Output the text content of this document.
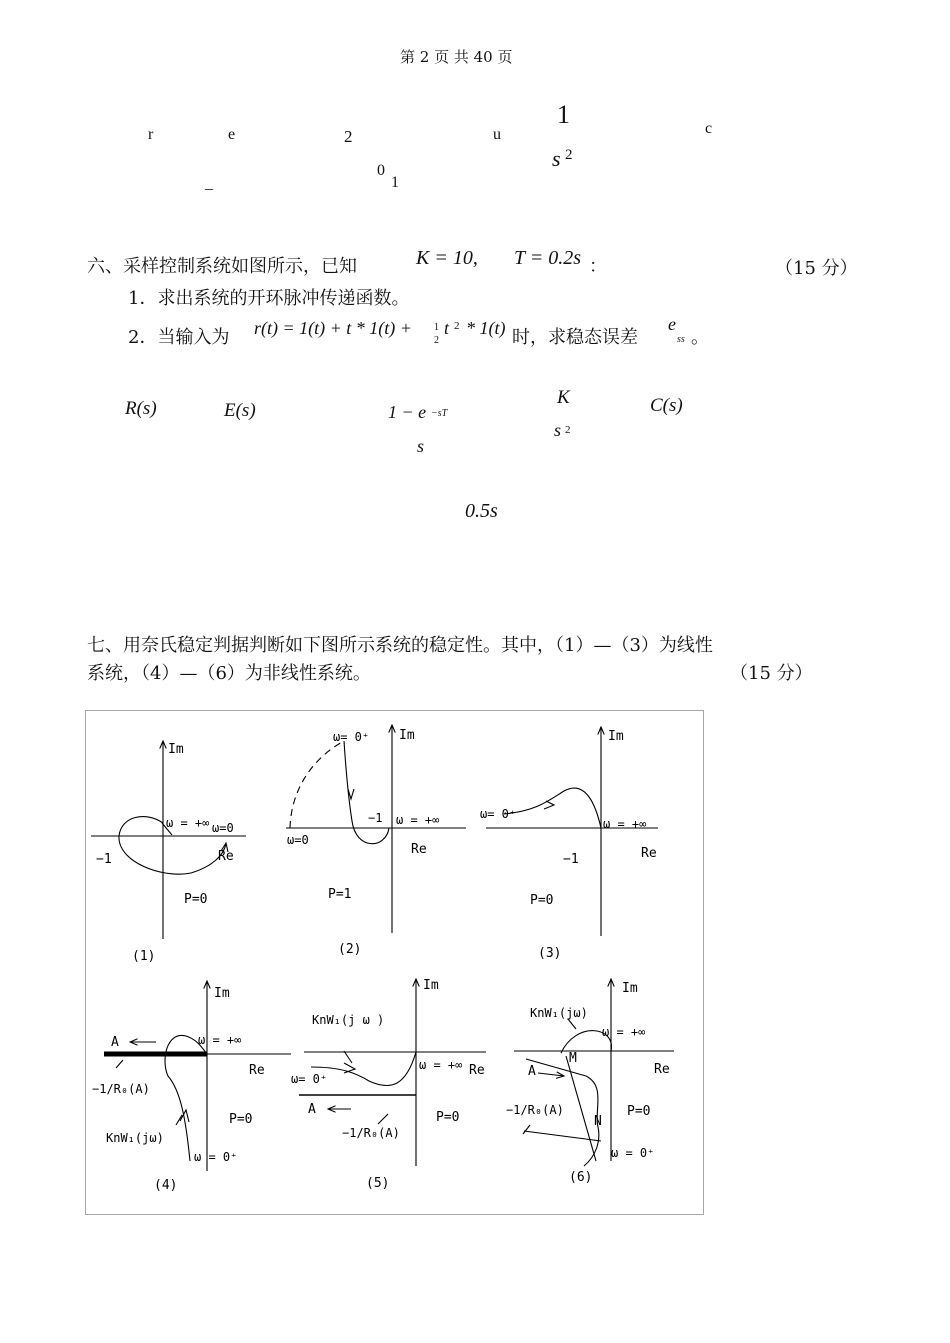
第 2 页 共 40 页
r	e	2	u
1
s 2
c
0
1
_
六、采样控制系统如图所示，已知	K = 10, T = 0.2s ：	（15 分）
1．求出系统的开环脉冲传递函数。
2．当输入为 r(t) = 1(t) + t * 1(t) + 1
2
t 2 * 1(t) 时，求稳态误差
e
ss 。
R(s)	E(s)	1 − e −sT
s
K
s 2
C(s)
0.5s
七、用奈氏稳定判据判断如下图所示系统的稳定性。其中，（1）—（3）为线性
系统，（4）—（6）为非线性系统。	（15 分）
Im
Re
ω = +∞ ω=0
−1
P=0
(1)
Im
ω= 0⁺
−1 ω = +∞
ω=0
Re
P=1
(2)
Im
ω= 0⁺
ω = +∞
−1	Re
P=0
(3)
Im
A	ω = +∞
Re
−1/R₀(A)
P=0
KnW₁(jω)
ω = 0⁺
(4)
Im
KnW₁(j ω )
ω= 0⁺
ω = +∞ Re
A
−1/R₀(A)
P=0
(5)
Im
KnW₁(jω)
ω = +∞
M
Re
A
−1/R₀(A)	P=0
N
ω = 0⁺
(6)
